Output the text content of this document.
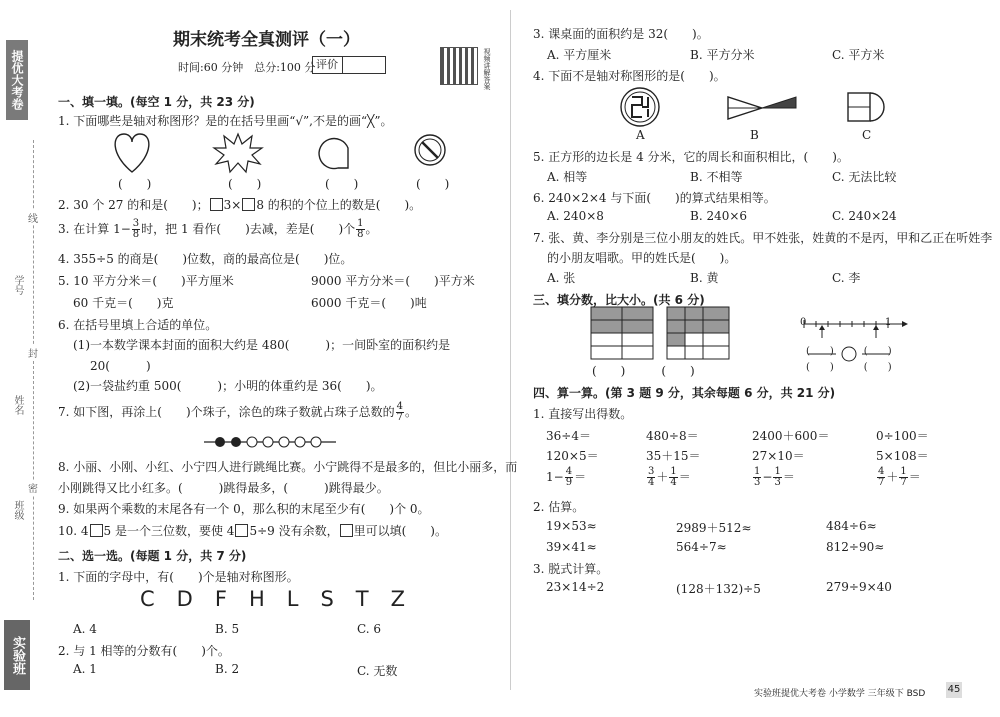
提优大考卷
学号
姓名
班级
线
封
密
实验班
期末统考全真测评（一）
时间:60 分钟　总分:100 分 评价	视频讲解答案
一、填一填。(每空 1 分，共 23 分)
1. 下面哪些是轴对称图形？是的在括号里画“√”,不是的画“╳”。
(　　)	(　　)	(　　)	(　　)
2. 30 个 27 的和是(　　)； 3× 8 的积的个位上的数是(　　)。
3. 在计算 $1- \frac{3}{8}$ 时，把 1 看作(　　)去减，差是(　　)个 $\frac{1}{8}$ 。
4. 355÷5 的商是(　　)位数，商的最高位是(　　)位。
5. 10 平方分米＝(　　)平方厘米	9000 平方分米＝(　　)平方米
60 千克＝(　　)克	6000 千克＝(　　)吨
6. 在括号里填上合适的单位。
(1)一本数学课本封面的面积大约是 480(　　　)；一间卧室的面积约是
20(　　　)
(2)一袋盐约重 500(　　　)；小明的体重约是 36(　　)。
7. 如下图，再涂上(　　)个珠子，涂色的珠子数就占珠子总数的 $\frac{4}{7}$ 。
8. 小丽、小刚、小红、小宁四人进行跳绳比赛。小宁跳得不是最多的，但比小丽多，而
小刚跳得又比小红多。(　　　)跳得最多，(　　　)跳得最少。
9. 如果两个乘数的末尾各有一个 0，那么积的末尾至少有(　　)个 0。
10. 4 5 是一个三位数，要使 4 5÷9 没有余数， 里可以填(　　)。
二、选一选。(每题 1 分，共 7 分)
1. 下面的字母中，有(　　)个是轴对称图形。
C D F H L S T Z
A. 4	B. 5	C. 6
2. 与 1 相等的分数有(　　)个。
A. 1	B. 2	C. 无数
3. 课桌面的面积约是 32(　　)。
A. 平方厘米	B. 平方分米	C. 平方米
4. 下面不是轴对称图形的是(　　)。
A	B	C
5. 正方形的边长是 4 分米，它的周长和面积相比，(　　)。
A. 相等	B. 不相等	C. 无法比较
6. 240×2×4 与下面(　　)的算式结果相等。
A. 240×8	B. 240×6	C. 240×24
7. 张、黄、李分别是三位小朋友的姓氏。甲不姓张，姓黄的不是丙，甲和乙正在听姓李
的小朋友唱歌。甲的姓氏是(　　)。
A. 张	B. 黄	C. 李
三、填分数，比大小。(共 6 分)
(　　)　　　(　　)
0	1
(　　)　　　(　　)
(　　)　　　(　　)
四、算一算。(第 3 题 9 分，其余每题 6 分，共 21 分)
1. 直接写出得数。
36÷4＝	480÷8＝	2400＋600＝	0÷100＝
120×5＝	35＋15＝	27×10＝	5×108＝
$1- \frac{4}{9}$ ＝	$\frac{3}{4} + \frac{1}{4}$ ＝	$\frac{1}{3} - \frac{1}{3}$ ＝	$\frac{4}{7} + \frac{1}{7}$ ＝
2. 估算。
19×53≈	2989＋512≈	484÷6≈
39×41≈	564÷7≈	812÷90≈
3. 脱式计算。
23×14÷2	(128＋132)÷5	279÷9×40
实验班提优大考卷 小学数学 三年级下 BSD 45
